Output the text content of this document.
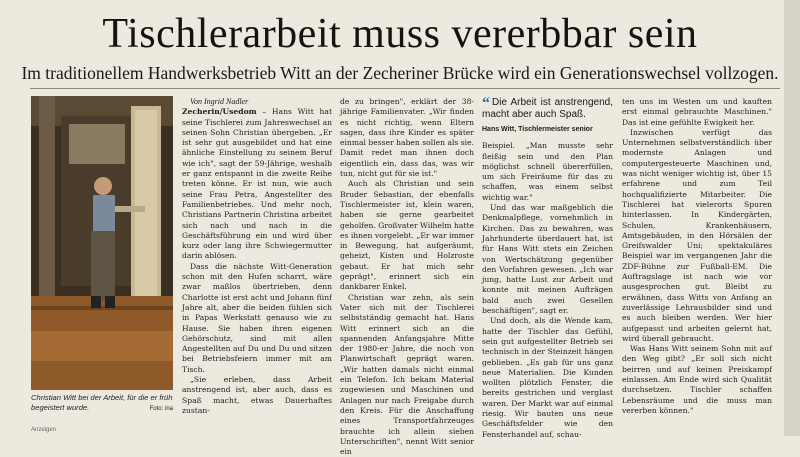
Tischlerarbeit muss vererbbar sein
Im traditionellem Handwerksbetrieb Witt an der Zecheriner Brücke wird ein Generationswechsel vollzogen.
Christian Witt bei der Arbeit, für die er früh begeistert wurde.	Foto: ina

Von Ingrid Nadler

Zecherin/Usedom – Hans Witt hat seine Tischlerei zum Jahreswechsel an seinen Sohn Christian übergeben. „Er ist sehr gut ausgebildet und hat eine ähnliche Einstellung zu seinem Beruf wie ich", sagt der 59-Jährige, weshalb er ganz entspannt in die zweite Reihe treten könne. Er ist nun, wie auch seine Frau Petra, Angestellter des Familienbetriebes. Und mehr noch, Christians Partnerin Christina arbeitet sich nach und nach in die Geschäftsführung ein und wird über kurz oder lang ihre Schwiegermutter darin ablösen.

Dass die nächste Witt-Generation schon mit den Hufen scharrt, wäre zwar maßlos übertrieben, denn Charlotte ist erst acht und Johann fünf Jahre alt, aber die beiden fühlen sich in Papas Werkstatt genauso wie zu Hause. Sie haben ihren eigenen Gehörschutz, sind mit allen Angestellten auf Du und Du und sitzen bei Betriebsfeiern immer mit am Tisch.

„Sie erleben, dass Arbeit anstrengend ist, aber auch, dass es Spaß macht, etwas Dauerhaftes zustan-

de zu bringen", erklärt der 38-jährige Familienvater. „Wir finden es nicht richtig, wenn Eltern sagen, dass ihre Kinder es später einmal besser haben sollen als sie. Damit redet man ihnen doch eigentlich ein, dass das, was wir tun, nicht gut für sie ist."

Auch als Christian und sein Bruder Sebastian, der ebenfalls Tischlermeister ist, klein waren, haben sie gerne gearbeitet geholfen. Großvater Wilhelm hatte es ihnen vorgelebt. „Er war immer in Bewegung, hat aufgeräumt, geheizt, Kisten und Holzroste gebaut. Er hat mich sehr geprägt", erinnert sich ein dankbarer Enkel.

Christian war zehn, als sein Vater sich mit der Tischlerei selbstständig gemacht hat. Hans Witt erinnert sich an die spannenden Anfangsjahre Mitte der 1980-er Jahre, die noch von Planwirtschaft geprägt waren. „Wir hatten damals nicht einmal ein Telefon. Ich bekam Material zugewiesen und Maschinen und Anlagen nur nach Freigabe durch den Kreis. Für die Anschaffung eines Transportfahrzeuges brauchte ich allein sieben Unterschriften", nennt Witt senior ein

“ Die Arbeit ist anstrengend, macht aber auch Spaß.
Hans Witt, Tischlermeister senior

Beispiel. „Man musste sehr fleißig sein und den Plan möglichst schnell übererfüllen, um sich Freiräume für das zu schaffen, was einem selbst wichtig war."

Und das war maßgeblich die Denkmalpflege, vornehmlich in Kirchen. Das zu bewahren, was Jahrhunderte überdauert hat, ist für Hans Witt stets ein Zeichen von Wertschätzung gegenüber den Vorfahren gewesen. „Ich war jung, hatte Lust zur Arbeit und konnte mit meinen Aufträgen bald auch zwei Gesellen beschäftigen", sagt er.

Und doch, als die Wende kam, hatte der Tischler das Gefühl, sein gut aufgestellter Betrieb sei technisch in der Steinzeit hängen geblieben. „Es gab für uns ganz neue Materialien. Die Kunden wollten plötzlich Fenster, die bereits gestrichen und verglast waren. Der Markt war auf einmal riesig. Wir bauten uns neue Geschäftsfelder wie den Fensterhandel auf, schau-

ten uns im Westen um und kauften erst einmal gebrauchte Maschinen." Das ist eine gefühlte Ewigkeit her.

Inzwischen verfügt das Unternehmen selbstverständlich über modernste Anlagen und computergesteuerte Maschinen und, was nicht weniger wichtig ist, über 15 erfahrene und zum Teil hochqualifizierte Mitarbeiter. Die Tischlerei hat vielerorts Spuren hinterlassen. In Kindergärten, Schulen, Krankenhäusern, Amtsgebäuden, in den Hörsälen der Greifswalder Uni; spektakuläres Beispiel war im vergangenen Jahr die ZDF-Bühne zur Fußball-EM. Die Auftragslage ist nach wie vor ausgesprochen gut. Bleibt zu erwähnen, dass Witts von Anfang an zuverlässige Lehrausbilder sind und es auch bleiben werden. Wer hier aufgepasst und arbeiten gelernt hat, wird überall gebraucht.

Was Hans Witt seinem Sohn mit auf den Weg gibt? „Er soll sich nicht beirren und auf keinen Preiskampf einlassen. Am Ende wird sich Qualität durchsetzen. Tischler schaffen Lebensräume und die muss man vererben können."

Anzeigen
